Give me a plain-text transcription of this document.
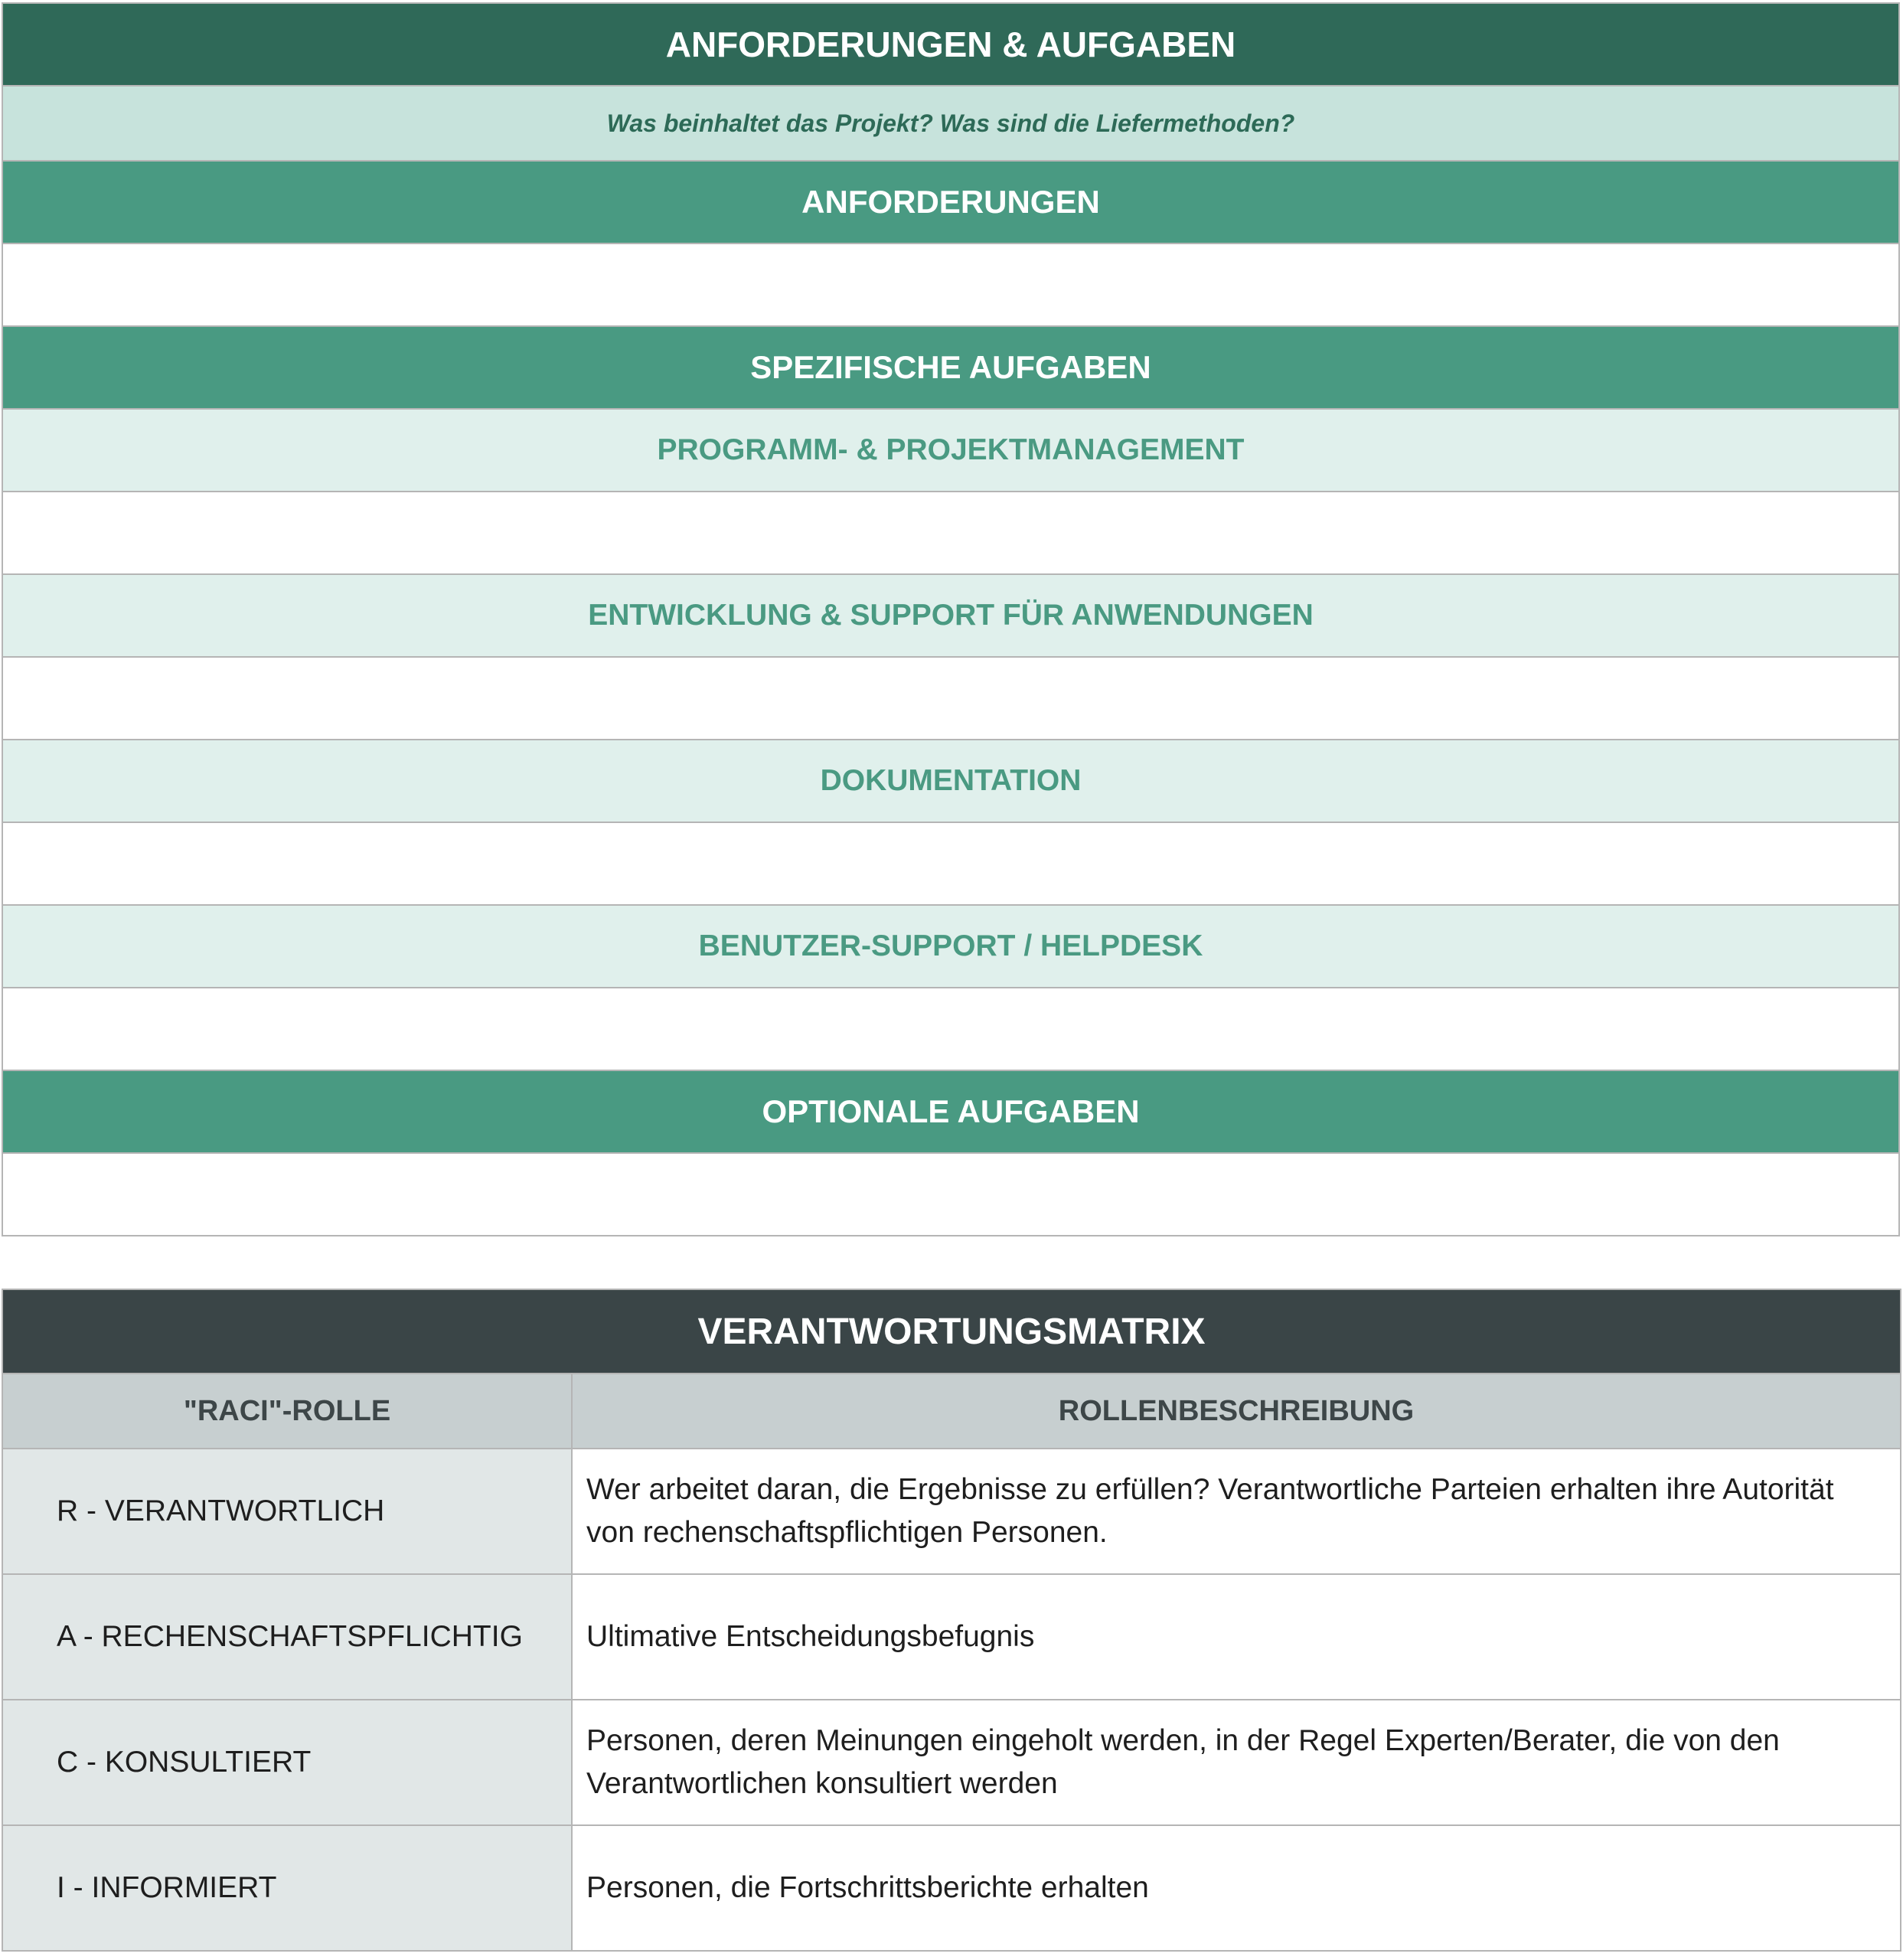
ANFORDERUNGEN & AUFGABEN
Was beinhaltet das Projekt? Was sind die Liefermethoden?
ANFORDERUNGEN

SPEZIFISCHE AUFGABEN
PROGRAMM- & PROJEKTMANAGEMENT

ENTWICKLUNG & SUPPORT FÜR ANWENDUNGEN

DOKUMENTATION

BENUTZER-SUPPORT / HELPDESK

OPTIONALE AUFGABEN

VERANTWORTUNGSMATRIX	
"RACI"-ROLLE	ROLLENBESCHREIBUNG
R - VERANTWORTLICH	Wer arbeitet daran, die Ergebnisse zu erfüllen? Verantwortliche Parteien erhalten ihre Autorität von rechenschaftspflichtigen Personen.
A - RECHENSCHAFTSPFLICHTIG	Ultimative Entscheidungsbefugnis
C - KONSULTIERT	Personen, deren Meinungen eingeholt werden, in der Regel Experten/Berater, die von den Verantwortlichen konsultiert werden
I - INFORMIERT	Personen, die Fortschrittsberichte erhalten
